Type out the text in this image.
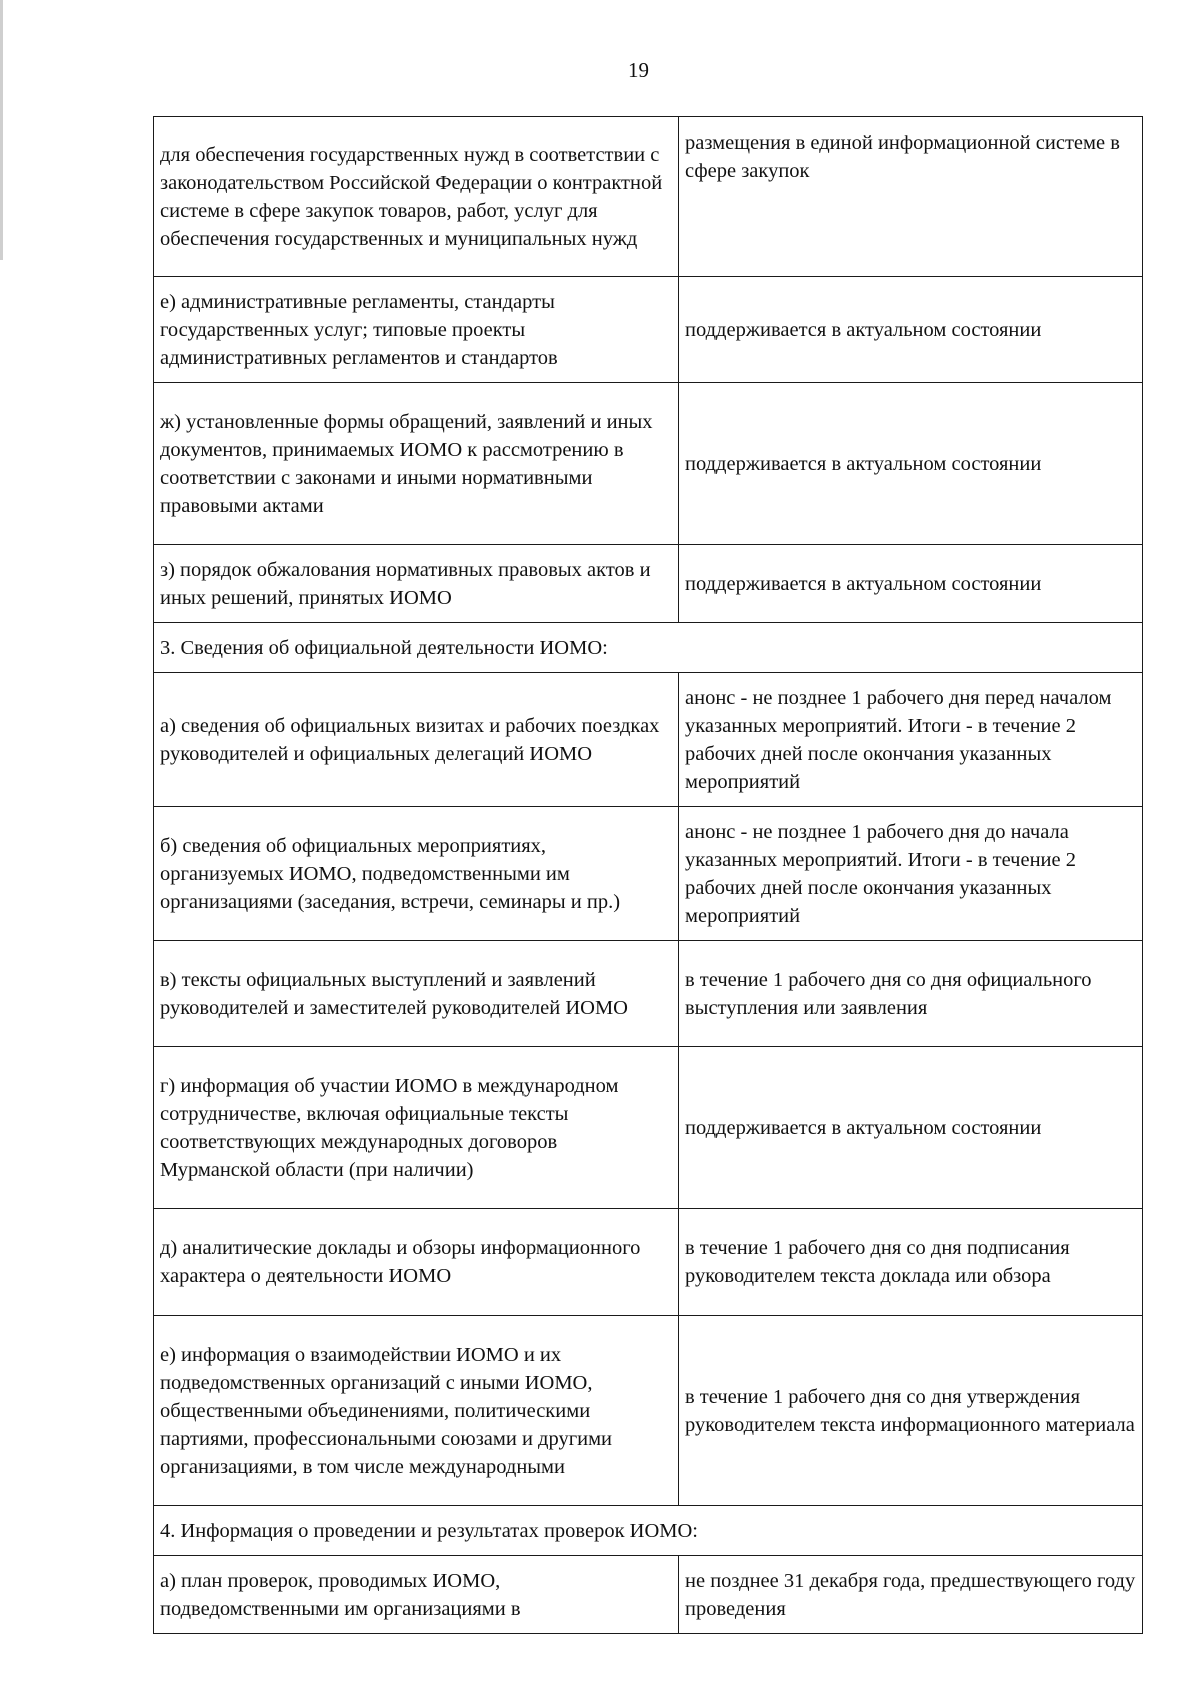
19
для обеспечения государственных нужд в соответствии с законодательством Российской Федерации о контрактной системе в сфере закупок товаров, работ, услуг для обеспечения государственных и муниципальных нужд	размещения в единой информационной системе в сфере закупок
е) административные регламенты, стандарты государственных услуг; типовые проекты административных регламентов и стандартов	поддерживается в актуальном состоянии
ж) установленные формы обращений, заявлений и иных документов, принимаемых ИОМО к рассмотрению в соответствии с законами и иными нормативными правовыми актами	поддерживается в актуальном состоянии
з) порядок обжалования нормативных правовых актов и иных решений, принятых ИОМО	поддерживается в актуальном состоянии
3. Сведения об официальной деятельности ИОМО:	
а) сведения об официальных визитах и рабочих поездках руководителей и официальных делегаций ИОМО	анонс - не позднее 1 рабочего дня перед началом указанных мероприятий. Итоги - в течение 2 рабочих дней после окончания указанных мероприятий
б) сведения об официальных мероприятиях, организуемых ИОМО, подведомственными им организациями (заседания, встречи, семинары и пр.)	анонс - не позднее 1 рабочего дня до начала указанных мероприятий. Итоги - в течение 2 рабочих дней после окончания указанных мероприятий
в) тексты официальных выступлений и заявлений руководителей и заместителей руководителей ИОМО	в течение 1 рабочего дня со дня официального выступления или заявления
г) информация об участии ИОМО в международном сотрудничестве, включая официальные тексты соответствующих международных договоров Мурманской области (при наличии)	поддерживается в актуальном состоянии
д) аналитические доклады и обзоры информационного характера о деятельности ИОМО	в течение 1 рабочего дня со дня подписания руководителем текста доклада или обзора
е) информация о взаимодействии ИОМО и их подведомственных организаций с иными ИОМО, общественными объединениями, политическими партиями, профессиональными союзами и другими организациями, в том числе международными	в течение 1 рабочего дня со дня утверждения руководителем текста информационного материала
4. Информация о проведении и результатах проверок ИОМО:	
а) план проверок, проводимых ИОМО, подведомственными им организациями в	не позднее 31 декабря года, предшествующего году проведения
